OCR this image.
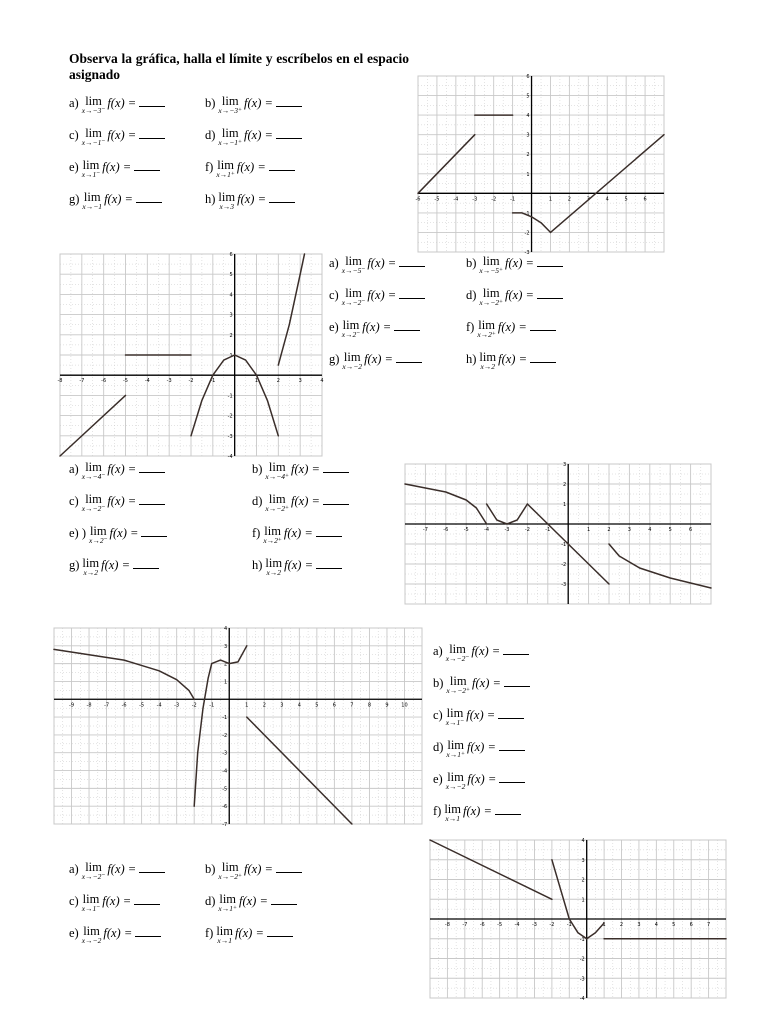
Observa la gráfica, halla el límite y escríbelos en el espacio asignado
a) lim
x→−3⁻
f(x) =	b) lim
x→−3⁺
f(x) =
c) lim
x→−1⁻
f(x) =	d) lim
x→−1⁺
f(x) =
e) lim
x→1⁻
f(x) =	f) lim
x→1⁺
f(x) =
g) lim
x→−1
f(x) =	h) lim
x→3
f(x) =
a) lim
x→−5⁻
f(x) =	b) lim
x→−5⁺
f(x) =
c) lim
x→−2⁻
f(x) =	d) lim
x→−2⁺
f(x) =
e) lim
x→2⁻
f(x) =	f) lim
x→2⁺
f(x) =
g) lim
x→−2
f(x) =	h) lim
x→2
f(x) =
a) lim
x→−4⁻
f(x) =	b) lim
x→−4⁺
f(x) =
c) lim
x→−2⁻
f(x) =	d) lim
x→−2⁺
f(x) =
e) ) lim
x→2⁻
f(x) =	f) lim
x→2⁺
f(x) =
g) lim
x→2
f(x) =	h) lim
x→2
f(x) =
a) lim
x→−2⁻
f(x) =
b) lim
x→−2⁺
f(x) =
c) lim
x→1⁻
f(x) =
d) lim
x→1⁺
f(x) =
e) lim
x→−2
f(x) =
f) lim
x→1
f(x) =
a) lim
x→−2⁻
f(x) =	b) lim
x→−2⁺
f(x) =
c) lim
x→1⁻
f(x) =	d) lim
x→1⁺
f(x) =
e) lim
x→−2
f(x) =	f) lim
x→1
f(x) =
-6	-5	-4	-3	-2	-1	1	2	3	4	5	6
-3
-2
-1
1
2
3
4
5
6
-8	-7	-6	-5	-4	-3	-2	-1	1	2	3	4
-4
-3
-2
-1
1
2
3
4
5
6
-7	-6	-5	-4	-3	-2	-1	1	2	3	4	5	6
-3
-2
-1
1
2
3
-9	-8	-7	-6	-5	-4	-3	-2	-1	1	2	3	4	5	6	7	8	9	10
-7
-6
-5
-4
-3
-2
-1
1
2
3
4
-8 -7 -6 -5 -4 -3 -2 -1	1	2	3	4	5	6	7
-4
-3
-2
-1
1
2
3
4
